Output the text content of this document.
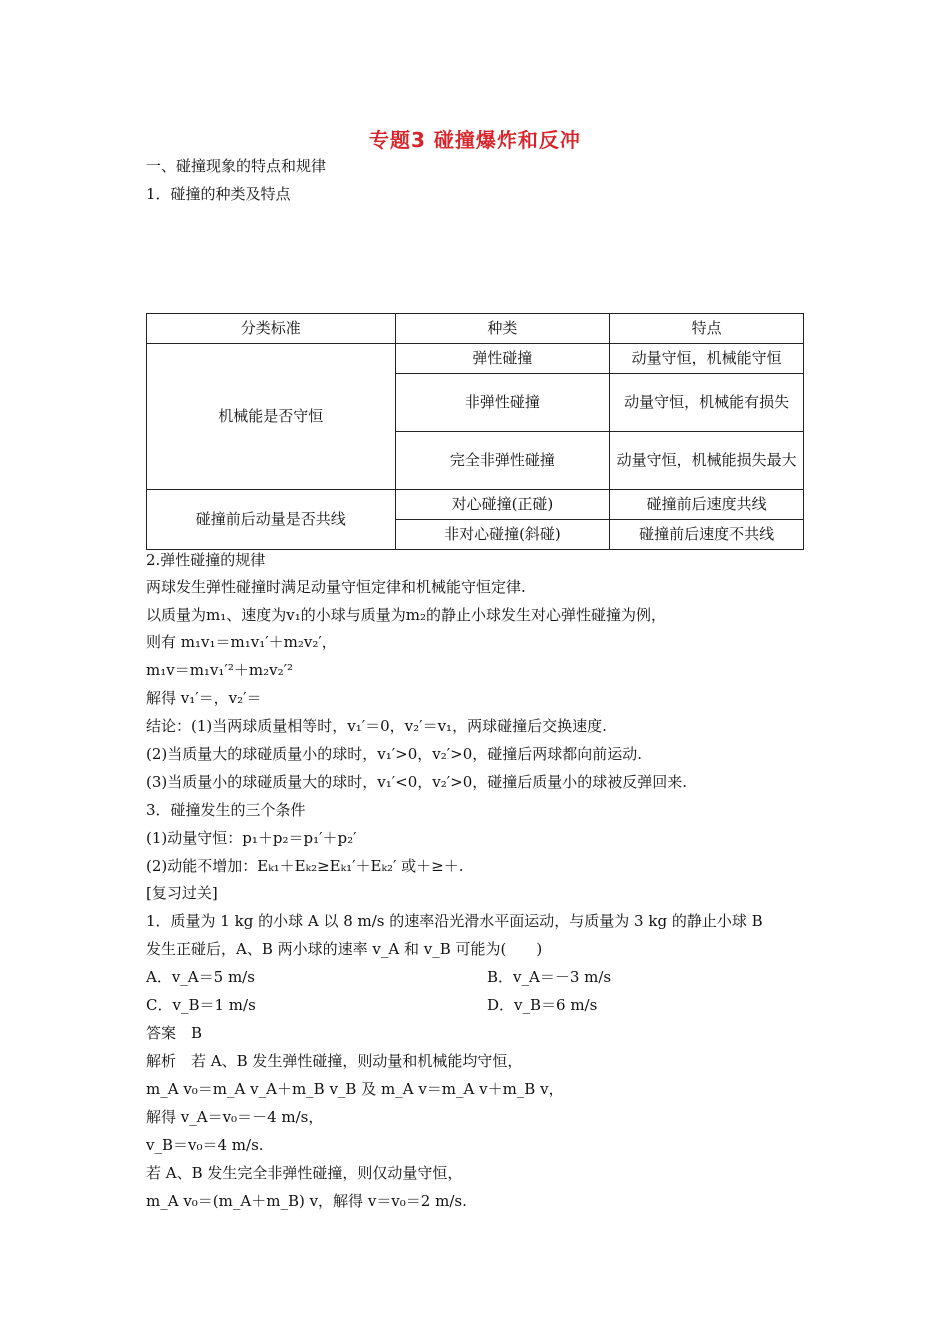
专题3 碰撞爆炸和反冲
一、碰撞现象的特点和规律
1．碰撞的种类及特点
分类标准	种类	特点
机械能是否守恒	弹性碰撞	动量守恒，机械能守恒
	非弹性碰撞	动量守恒，机械能有损失
	完全非弹性碰撞	动量守恒，机械能损失最大
碰撞前后动量是否共线	对心碰撞(正碰)	碰撞前后速度共线
	非对心碰撞(斜碰)	碰撞前后速度不共线
2.弹性碰撞的规律
两球发生弹性碰撞时满足动量守恒定律和机械能守恒定律.
以质量为m₁、速度为v₁的小球与质量为m₂的静止小球发生对心弹性碰撞为例，
则有 m₁v₁＝m₁v₁′＋m₂v₂′，
m₁v＝m₁v₁′²＋m₂v₂′²
解得 v₁′＝，v₂′＝
结论：(1)当两球质量相等时，v₁′＝0，v₂′＝v₁，两球碰撞后交换速度.
(2)当质量大的球碰质量小的球时，v₁′>0，v₂′>0，碰撞后两球都向前运动.
(3)当质量小的球碰质量大的球时，v₁′<0，v₂′>0，碰撞后质量小的球被反弹回来.
3．碰撞发生的三个条件
(1)动量守恒：p₁＋p₂＝p₁′＋p₂′
(2)动能不增加：Eₖ₁＋Eₖ₂≥Eₖ₁′＋Eₖ₂′ 或＋≥＋.
[复习过关]
1．质量为 1 kg 的小球 A 以 8 m/s 的速率沿光滑水平面运动，与质量为 3 kg 的静止小球 B
发生正碰后，A、B 两小球的速率 v_A 和 v_B 可能为(　　)
A．v_A＝5 m/s	B．v_A＝－3 m/s
C．v_B＝1 m/s	D．v_B＝6 m/s
答案　B
解析　若 A、B 发生弹性碰撞，则动量和机械能均守恒，
m_A v₀＝m_A v_A＋m_B v_B 及 m_A v＝m_A v＋m_B v，
解得 v_A＝v₀＝－4 m/s，
v_B＝v₀＝4 m/s.
若 A、B 发生完全非弹性碰撞，则仅动量守恒，
m_A v₀＝(m_A＋m_B) v，解得 v＝v₀＝2 m/s.
